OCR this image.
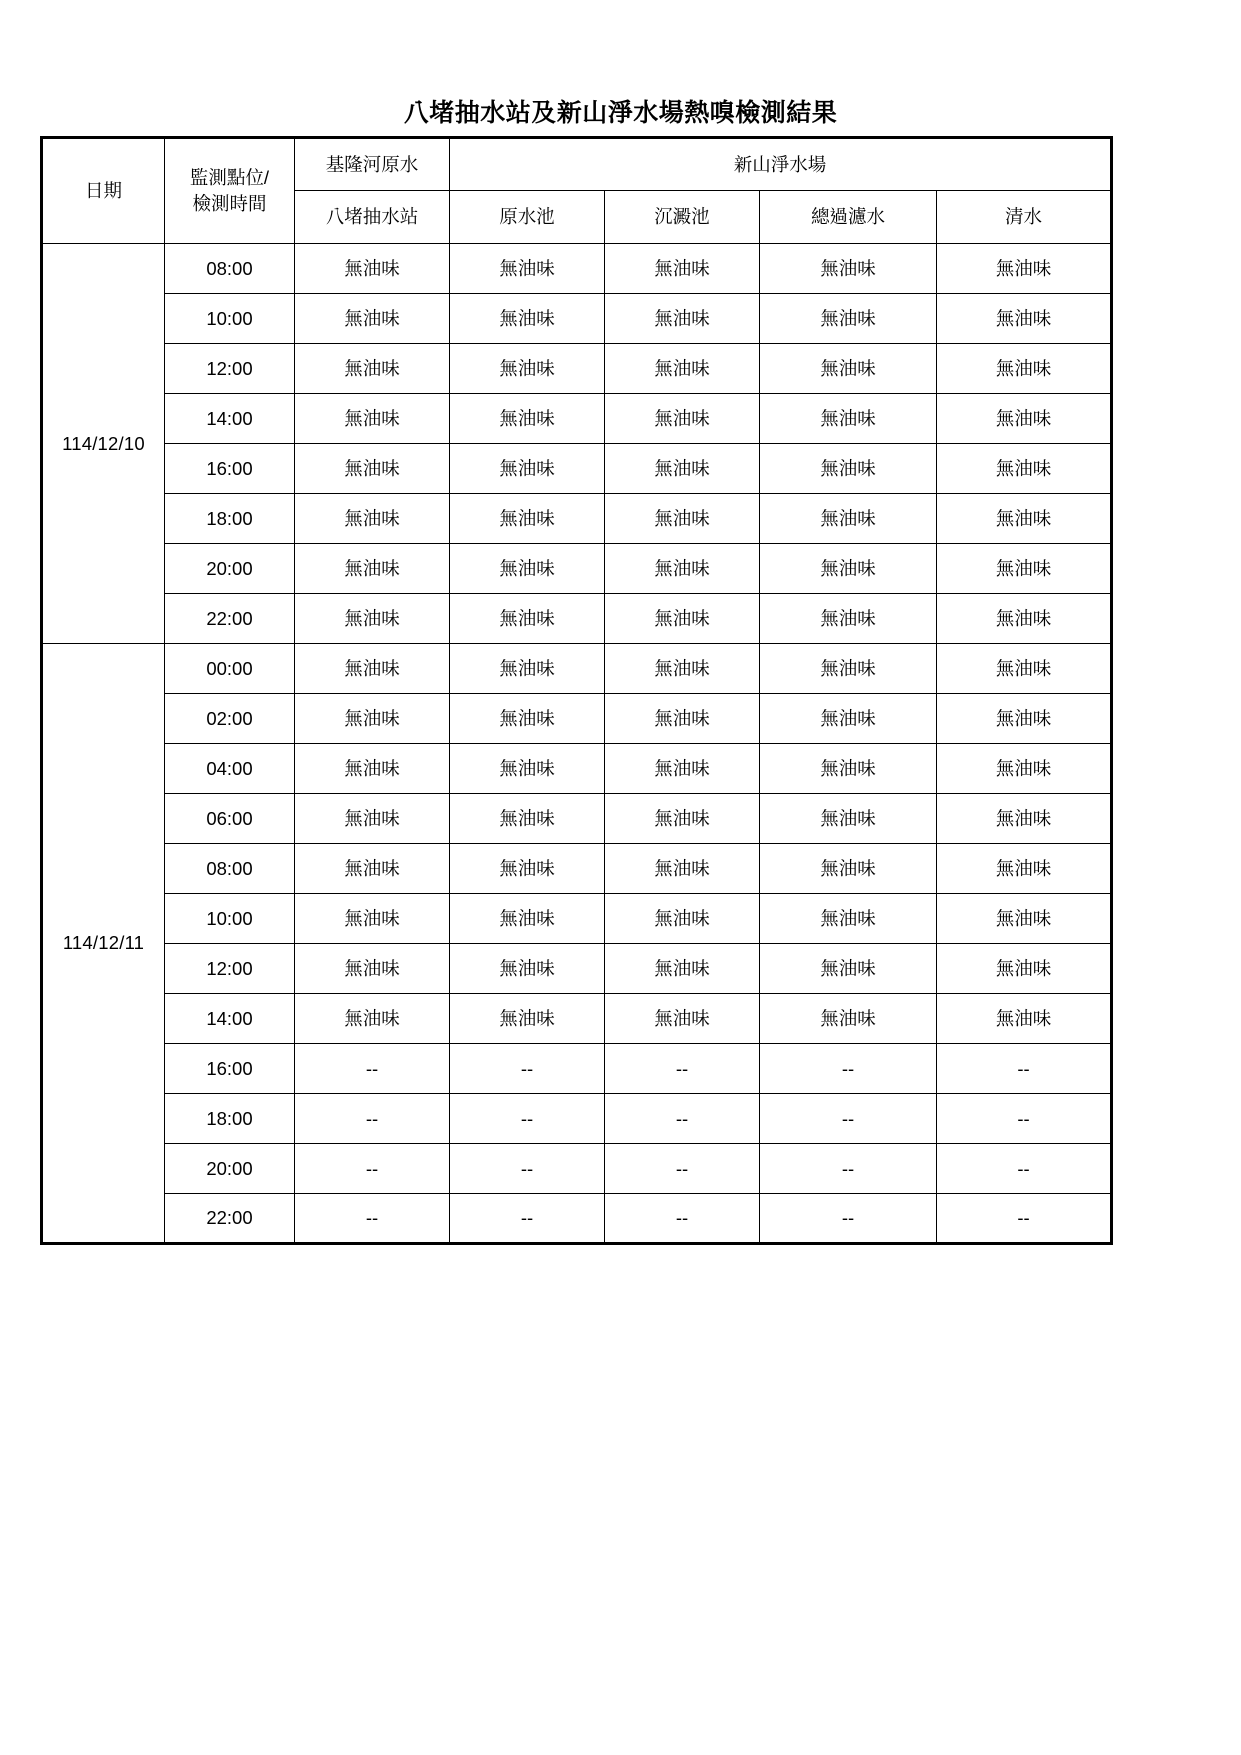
八堵抽水站及新山淨水場熱嗅檢測結果
日期	監測點位/
檢測時間	基隆河原水	新山淨水場			
		八堵抽水站	原水池	沉澱池	總過濾水	清水
114/12/10	08:00	無油味	無油味	無油味	無油味	無油味
	10:00	無油味	無油味	無油味	無油味	無油味
	12:00	無油味	無油味	無油味	無油味	無油味
	14:00	無油味	無油味	無油味	無油味	無油味
	16:00	無油味	無油味	無油味	無油味	無油味
	18:00	無油味	無油味	無油味	無油味	無油味
	20:00	無油味	無油味	無油味	無油味	無油味
	22:00	無油味	無油味	無油味	無油味	無油味
114/12/11	00:00	無油味	無油味	無油味	無油味	無油味
	02:00	無油味	無油味	無油味	無油味	無油味
	04:00	無油味	無油味	無油味	無油味	無油味
	06:00	無油味	無油味	無油味	無油味	無油味
	08:00	無油味	無油味	無油味	無油味	無油味
	10:00	無油味	無油味	無油味	無油味	無油味
	12:00	無油味	無油味	無油味	無油味	無油味
	14:00	無油味	無油味	無油味	無油味	無油味
	16:00	--	--	--	--	--
	18:00	--	--	--	--	--
	20:00	--	--	--	--	--
	22:00	--	--	--	--	--
